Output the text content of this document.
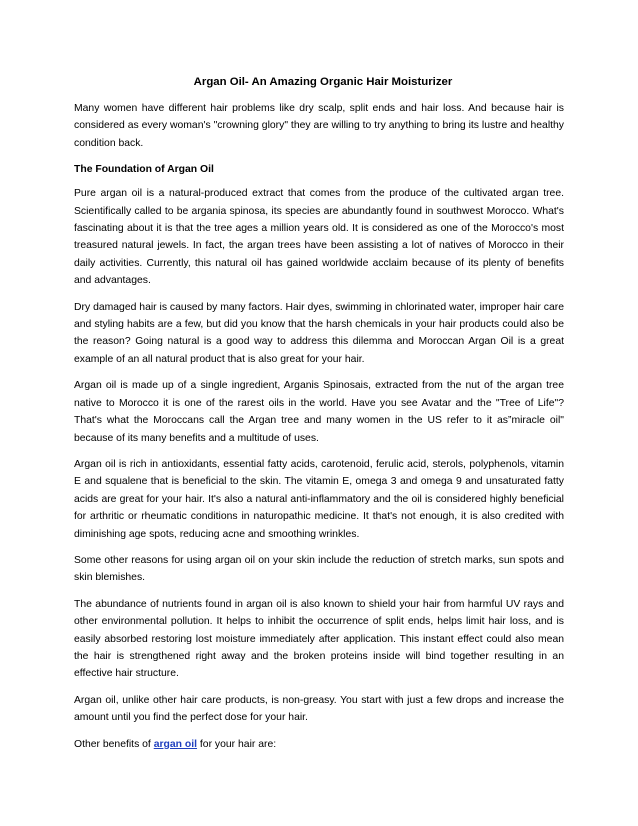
Argan Oil- An Amazing Organic Hair Moisturizer

Many women have different hair problems like dry scalp, split ends and hair loss. And because hair is considered as every woman's "crowning glory" they are willing to try anything to bring its lustre and healthy condition back.

The Foundation of Argan Oil

Pure argan oil is a natural-produced extract that comes from the produce of the cultivated argan tree. Scientifically called to be argania spinosa, its species are abundantly found in southwest Morocco. What's fascinating about it is that the tree ages a million years old. It is considered as one of the Morocco's most treasured natural jewels. In fact, the argan trees have been assisting a lot of natives of Morocco in their daily activities. Currently, this natural oil has gained worldwide acclaim because of its plenty of benefits and advantages.

Dry damaged hair is caused by many factors. Hair dyes, swimming in chlorinated water, improper hair care and styling habits are a few, but did you know that the harsh chemicals in your hair products could also be the reason? Going natural is a good way to address this dilemma and Moroccan Argan Oil is a great example of an all natural product that is also great for your hair.

Argan oil is made up of a single ingredient, Arganis Spinosais, extracted from the nut of the argan tree native to Morocco it is one of the rarest oils in the world. Have you see Avatar and the "Tree of Life"? That's what the Moroccans call the Argan tree and many women in the US refer to it as”miracle oil" because of its many benefits and a multitude of uses.

Argan oil is rich in antioxidants, essential fatty acids, carotenoid, ferulic acid, sterols, polyphenols, vitamin E and squalene that is beneficial to the skin. The vitamin E, omega 3 and omega 9 and unsaturated fatty acids are great for your hair. It's also a natural anti-inflammatory and the oil is considered highly beneficial for arthritic or rheumatic conditions in naturopathic medicine. It that's not enough, it is also credited with diminishing age spots, reducing acne and smoothing wrinkles.

Some other reasons for using argan oil on your skin include the reduction of stretch marks, sun spots and skin blemishes.

The abundance of nutrients found in argan oil is also known to shield your hair from harmful UV rays and other environmental pollution. It helps to inhibit the occurrence of split ends, helps limit hair loss, and is easily absorbed restoring lost moisture immediately after application. This instant effect could also mean the hair is strengthened right away and the broken proteins inside will bind together resulting in an effective hair structure.

Argan oil, unlike other hair care products, is non-greasy. You start with just a few drops and increase the amount until you find the perfect dose for your hair.

Other benefits of argan oil for your hair are:
